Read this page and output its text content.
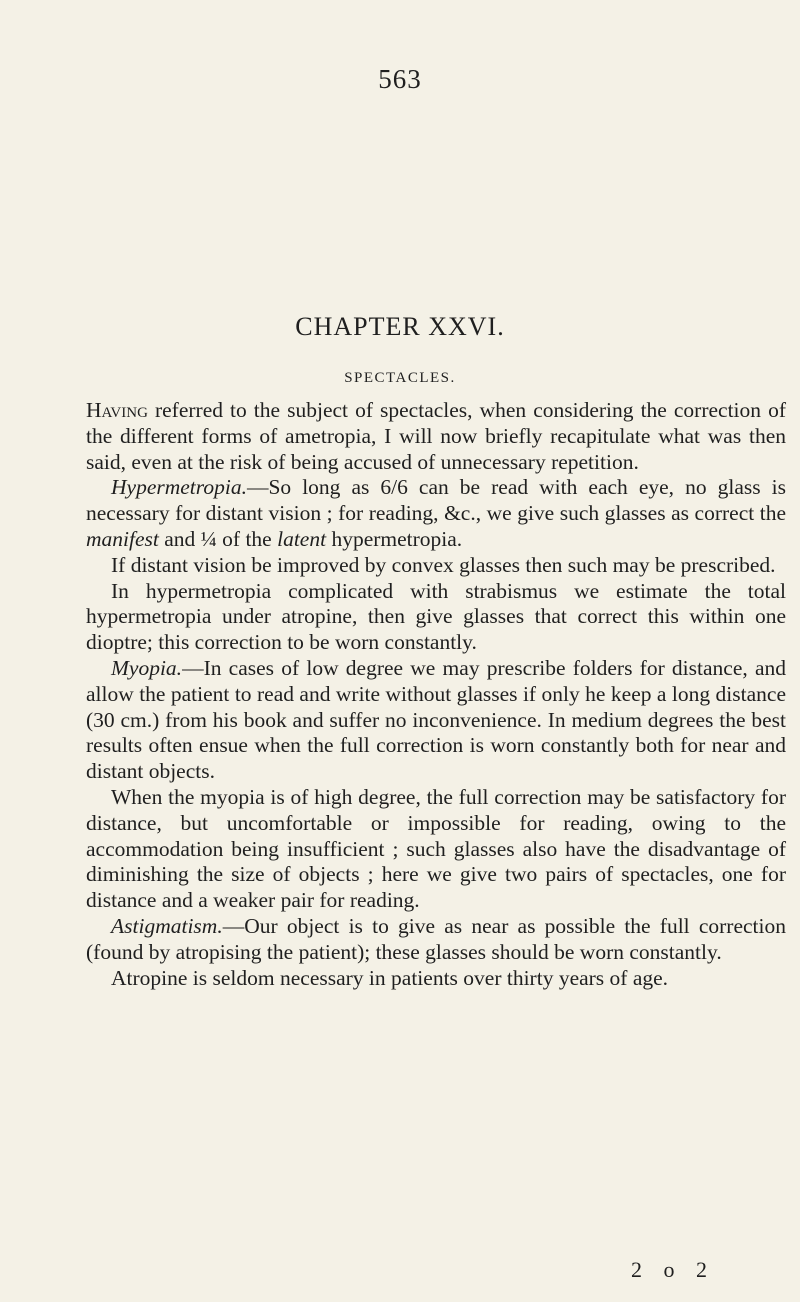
563
CHAPTER XXVI.
SPECTACLES.

Having referred to the subject of spectacles, when considering the correction of the different forms of ametropia, I will now briefly recapitulate what was then said, even at the risk of being accused of unnecessary repetition.

Hypermetropia.—So long as 6/6 can be read with each eye, no glass is necessary for distant vision ; for reading, &c., we give such glasses as correct the manifest and ¼ of the latent hypermetropia.

If distant vision be improved by convex glasses then such may be prescribed.

In hypermetropia complicated with strabismus we estimate the total hypermetropia under atropine, then give glasses that correct this within one dioptre; this correction to be worn constantly.

Myopia.—In cases of low degree we may prescribe folders for distance, and allow the patient to read and write without glasses if only he keep a long distance (30 cm.) from his book and suffer no inconvenience. In medium degrees the best results often ensue when the full correction is worn constantly both for near and distant objects.

When the myopia is of high degree, the full correction may be satisfactory for distance, but uncomfortable or impossible for reading, owing to the accommodation being insufficient ; such glasses also have the disadvantage of diminishing the size of objects ; here we give two pairs of spectacles, one for distance and a weaker pair for reading.

Astigmatism.—Our object is to give as near as possible the full correction (found by atropising the patient); these glasses should be worn constantly.

Atropine is seldom necessary in patients over thirty years of age.

2 o 2
